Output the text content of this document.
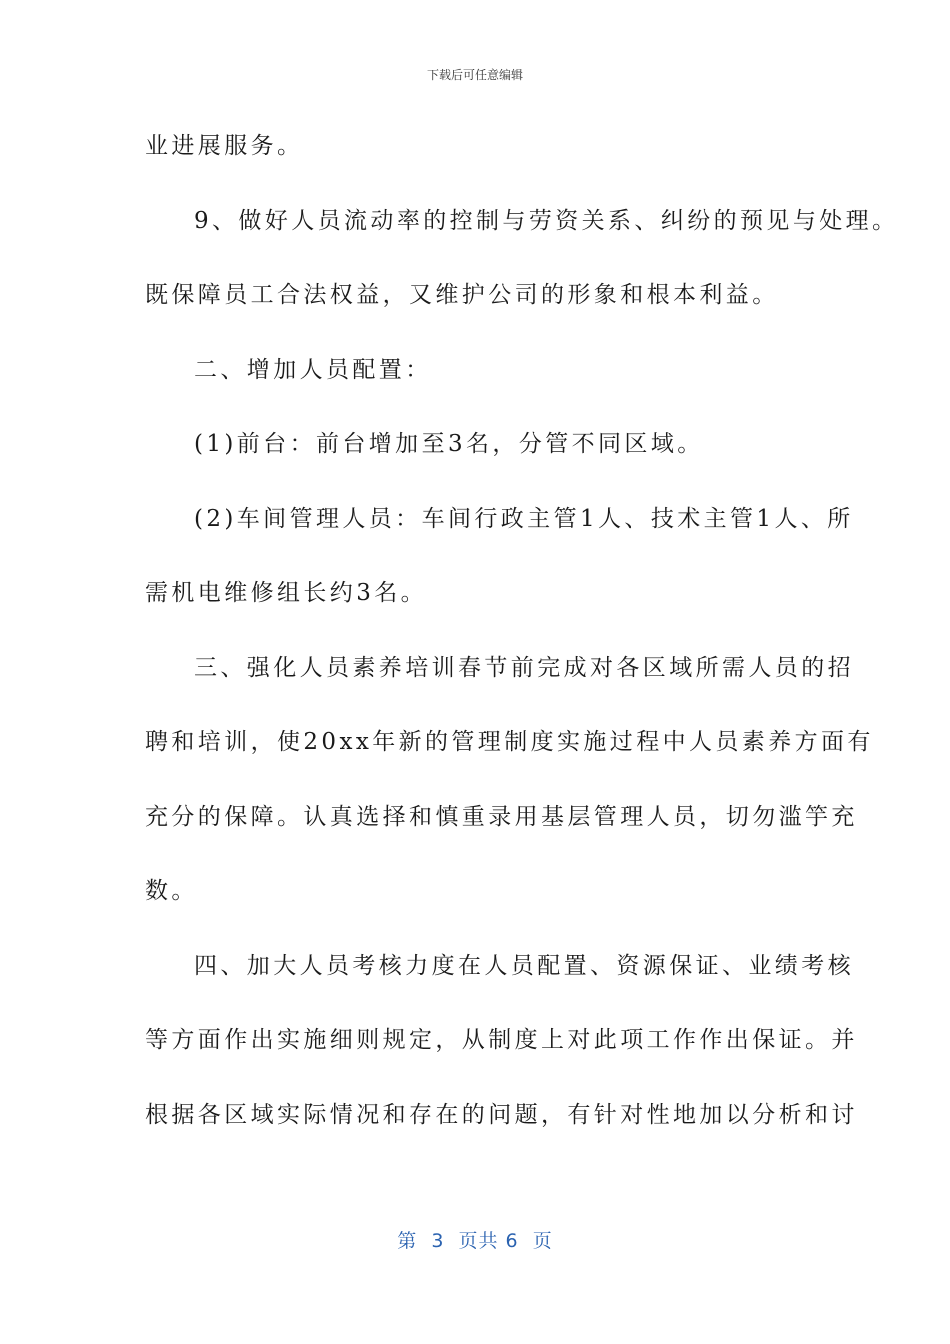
下载后可任意编辑
业进展服务。
9、做好人员流动率的控制与劳资关系、纠纷的预见与处理。
既保障员工合法权益，又维护公司的形象和根本利益。
二、增加人员配置：
(1)前台：前台增加至3名，分管不同区域。
(2)车间管理人员：车间行政主管1人、技术主管1人、所
需机电维修组长约3名。
三、强化人员素养培训春节前完成对各区域所需人员的招
聘和培训，使20xx年新的管理制度实施过程中人员素养方面有
充分的保障。认真选择和慎重录用基层管理人员，切勿滥竽充
数。
四、加大人员考核力度在人员配置、资源保证、业绩考核
等方面作出实施细则规定，从制度上对此项工作作出保证。并
根据各区域实际情况和存在的问题，有针对性地加以分析和讨
第  3  页共 6  页
